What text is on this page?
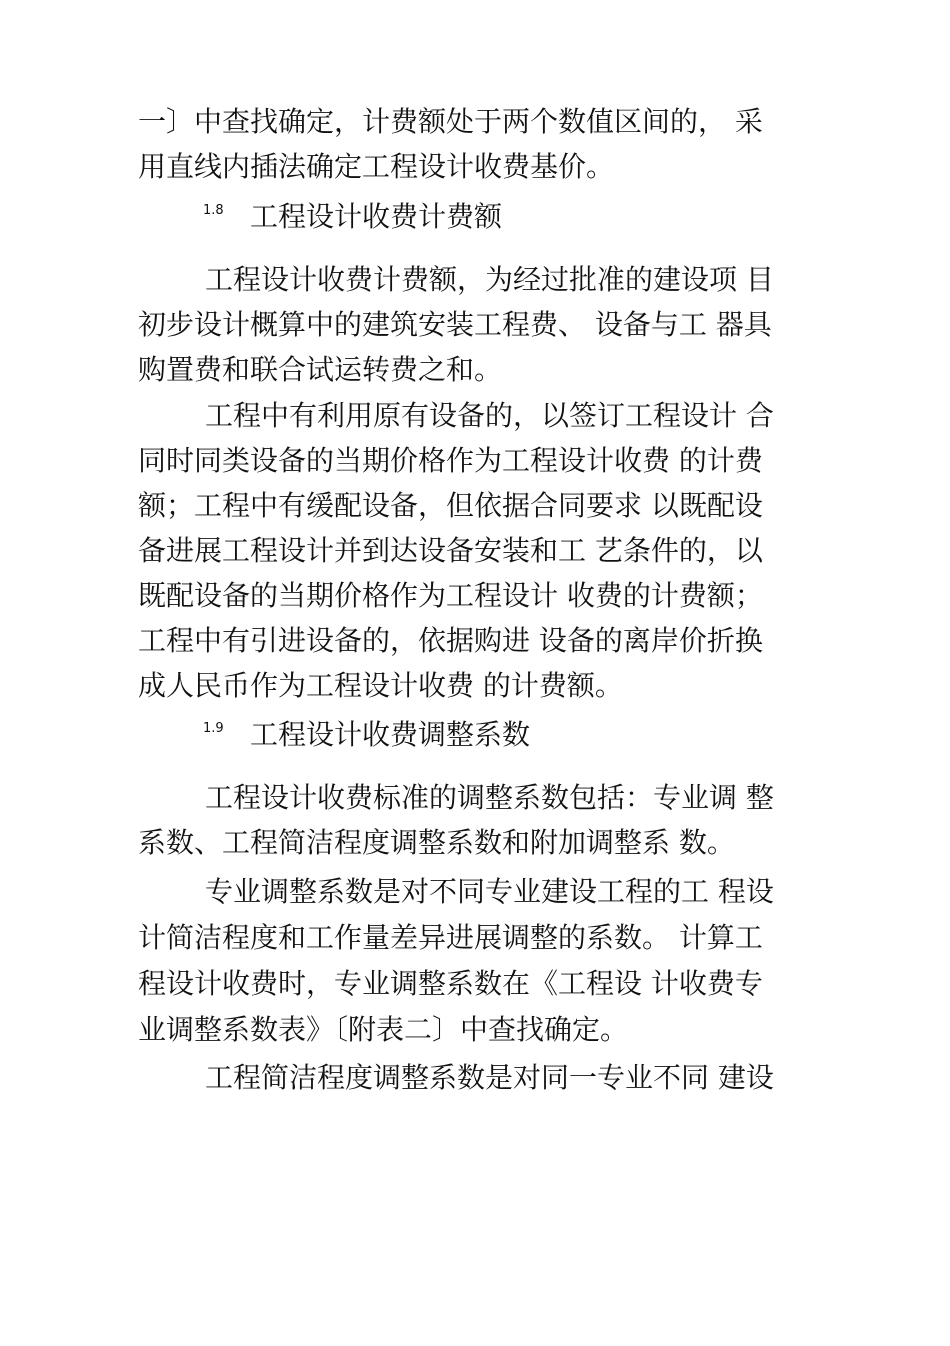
一〕中查找确定，计费额处于两个数值区间的， 采
用直线内插法确定工程设计收费基价。
1.8 工程设计收费计费额
工程设计收费计费额，为经过批准的建设项 目
初步设计概算中的建筑安装工程费、 设备与工 器具
购置费和联合试运转费之和。
工程中有利用原有设备的，以签订工程设计 合
同时同类设备的当期价格作为工程设计收费 的计费
额；工程中有缓配设备，但依据合同要求 以既配设
备进展工程设计并到达设备安装和工 艺条件的，以
既配设备的当期价格作为工程设计 收费的计费额；
工程中有引进设备的，依据购进 设备的离岸价折换
成人民币作为工程设计收费 的计费额。
1.9 工程设计收费调整系数
工程设计收费标准的调整系数包括：专业调 整
系数、工程简洁程度调整系数和附加调整系 数。
专业调整系数是对不同专业建设工程的工 程设
计简洁程度和工作量差异进展调整的系数。 计算工
程设计收费时，专业调整系数在《工程设 计收费专
业调整系数表》〔附表二〕中查找确定。
工程简洁程度调整系数是对同一专业不同 建设
